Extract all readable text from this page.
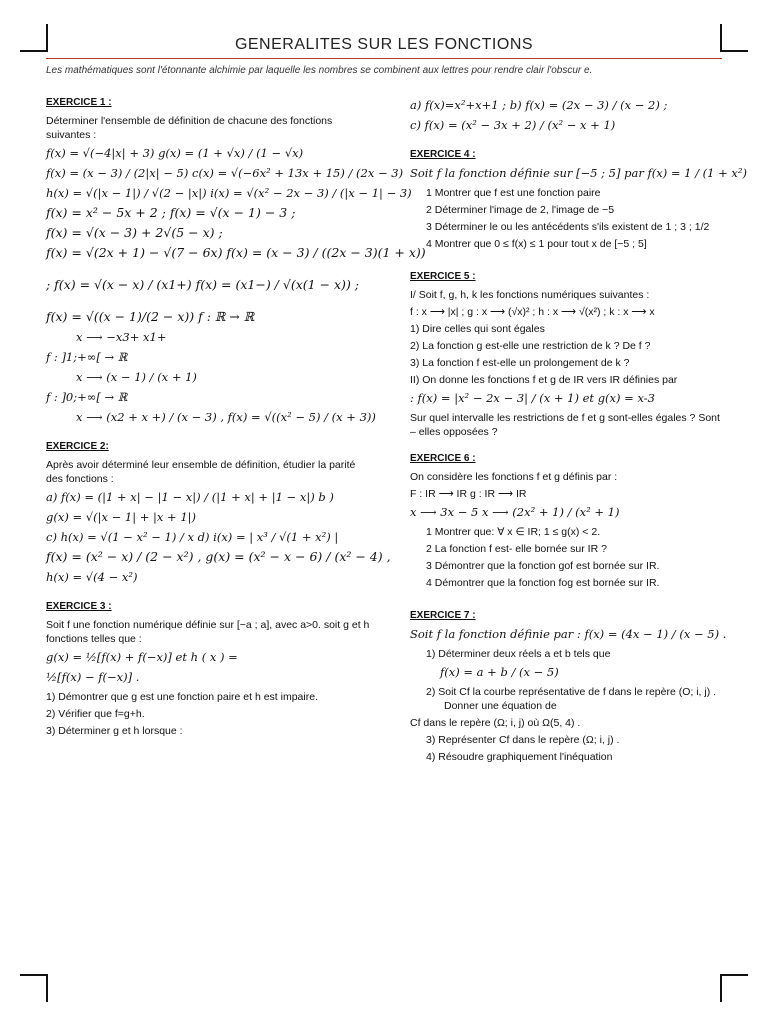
GENERALITES SUR LES FONCTIONS
Les mathématiques sont l'étonnante alchimie par laquelle les nombres se combinent aux lettres pour rendre clair l'obscur e.
EXERCICE 1 :
Déterminer l'ensemble de définition de chacune des fonctions suivantes :
f(x) = √(−4|x| + 3) g(x) = (1 + √x) / (1 − √x)
f(x) = (x − 3) / (2|x| − 5) c(x) = √(−6x² + 13x + 15) / (2x − 3)
h(x) = √(|x − 1|) / √(2 − |x|) i(x) = √(x² − 2x − 3) / (|x − 1| − 3)
f(x) = x² − 5x + 2 ; f(x) = √(x − 1) − 3 ;
f(x) = √(x − 3) + 2√(5 − x) ;
f(x) = √(2x + 1) − √(7 − 6x) f(x) = (x − 3) / ((2x − 3)(1 + x))
; f(x) = √(x − x) / (x1+) f(x) = (x1−) / √(x(1 − x)) ;
f(x) = √((x − 1)/(2 − x)) f : ℝ → ℝ
x ⟶ −x3+ x1+
f : ]1;+∞[ → ℝ
x ⟶ (x − 1) / (x + 1)
f : ]0;+∞[ → ℝ
x ⟶ (x2 + x +) / (x − 3) , f(x) = √((x² − 5) / (x + 3))
EXERCICE 2:
Après avoir déterminé leur ensemble de définition, étudier la parité des fonctions :
a) f(x) = (|1 + x| − |1 − x|) / (|1 + x| + |1 − x|) b )
g(x) = √(|x − 1| + |x + 1|)
c) h(x) = √(1 − x² − 1) / x d) i(x) = | x³ / √(1 + x²) |
f(x) = (x² − x) / (2 − x²) , g(x) = (x² − x − 6) / (x² − 4) ,
h(x) = √(4 − x²)
EXERCICE 3 :
Soit f une fonction numérique définie sur [−a ; a], avec a>0. soit g et h fonctions telles que :
g(x) = ½[f(x) + f(−x)] et h ( x ) =
½[f(x) − f(−x)] .
1) Démontrer que g est une fonction paire et h est impaire.
2) Vérifier que f=g+h.
3) Déterminer g et h lorsque :
a) f(x)=x²+x+1 ; b) f(x) = (2x − 3) / (x − 2) ;
c) f(x) = (x² − 3x + 2) / (x² − x + 1)
EXERCICE 4 :
Soit f la fonction définie sur [−5 ; 5] par f(x) = 1 / (1 + x²)
1 Montrer que f est une fonction paire
2 Déterminer l'image de 2, l'image de −5
3 Déterminer le ou les antécédents s'ils existent de 1 ; 3 ; 1/2
4 Montrer que 0 ≤ f(x) ≤ 1 pour tout x de [−5 ; 5]
EXERCICE 5 :
I/ Soit f, g, h, k les fonctions numériques suivantes :
f : x ⟶ |x| ; g : x ⟶ (√x)² ; h : x ⟶ √(x²) ; k : x ⟶ x
1) Dire celles qui sont égales
2) La fonction g est-elle une restriction de k ? De f ?
3) La fonction f est-elle un prolongement de k ?
II) On donne les fonctions f et g de IR vers IR définies par
: f(x) = |x² − 2x − 3| / (x + 1) et g(x) = x-3
Sur quel intervalle les restrictions de f et g sont-elles égales ? Sont – elles opposées ?
EXERCICE 6 :
On considère les fonctions f et g définis par :
F : IR ⟶ IR g : IR ⟶ IR
x ⟶ 3x − 5 x ⟶ (2x² + 1) / (x² + 1)
1 Montrer que: ∀ x ∈ IR; 1 ≤ g(x) < 2.
2 La fonction f est- elle bornée sur IR ?
3 Démontrer que la fonction gof est bornée sur IR.
4 Démontrer que la fonction fog est bornée sur IR.
EXERCICE 7 :
Soit f la fonction définie par : f(x) = (4x − 1) / (x − 5) .
1) Déterminer deux réels a et b tels que
f(x) = a + b / (x − 5)
2) Soit Cf la courbe représentative de f dans le repère (O; i, j) . Donner une équation de
Cf dans le repère (Ω; i, j) où Ω(5, 4) .
3) Représenter Cf dans le repère (Ω; i, j) .
4) Résoudre graphiquement l'inéquation
